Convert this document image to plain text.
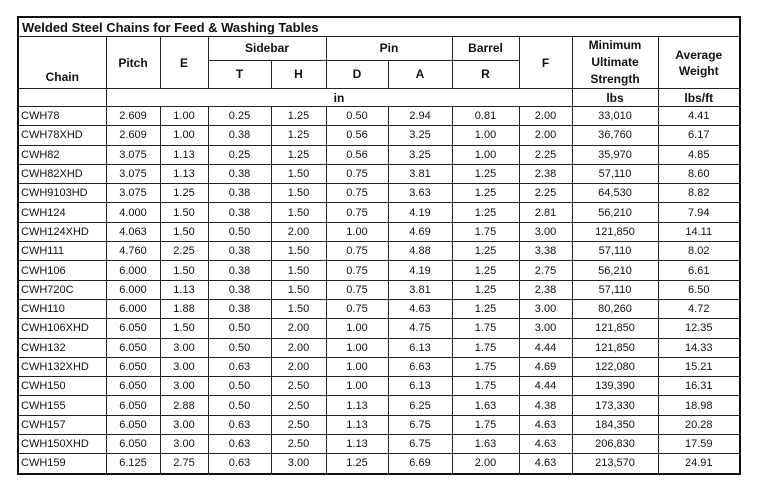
Welded Steel Chains for Feed & Washing Tables										
Chain	Pitch	E	Sidebar		Pin		Barrel	F	Minimum Ultimate Strength	Average Weight
			T	H	D	A	R			
	in								lbs	lbs/ft
CWH78	2.609	1.00	0.25	1.25	0.50	2.94	0.81	2.00	33,010	4.41
CWH78XHD	2.609	1.00	0.38	1.25	0.56	3.25	1.00	2.00	36,760	6.17
CWH82	3.075	1.13	0.25	1.25	0.56	3.25	1.00	2.25	35,970	4.85
CWH82XHD	3.075	1.13	0.38	1.50	0.75	3.81	1.25	2.38	57,110	8.60
CWH9103HD	3.075	1.25	0.38	1.50	0.75	3.63	1.25	2.25	64,530	8.82
CWH124	4.000	1.50	0.38	1.50	0.75	4.19	1.25	2.81	56,210	7.94
CWH124XHD	4.063	1.50	0.50	2.00	1.00	4.69	1.75	3.00	121,850	14.11
CWH111	4.760	2.25	0.38	1.50	0.75	4.88	1.25	3.38	57,110	8.02
CWH106	6.000	1.50	0.38	1.50	0.75	4.19	1.25	2.75	56,210	6.61
CWH720C	6.000	1.13	0.38	1.50	0.75	3.81	1.25	2.38	57,110	6.50
CWH110	6.000	1.88	0.38	1.50	0.75	4.63	1.25	3.00	80,260	4.72
CWH106XHD	6.050	1.50	0.50	2.00	1.00	4.75	1.75	3.00	121,850	12.35
CWH132	6.050	3.00	0.50	2.00	1.00	6.13	1.75	4.44	121,850	14.33
CWH132XHD	6.050	3.00	0.63	2.00	1.00	6.63	1.75	4.69	122,080	15.21
CWH150	6.050	3.00	0.50	2.50	1.00	6.13	1.75	4.44	139,390	16.31
CWH155	6.050	2.88	0.50	2.50	1.13	6.25	1.63	4.38	173,330	18.98
CWH157	6.050	3.00	0.63	2.50	1.13	6.75	1.75	4.63	184,350	20.28
CWH150XHD	6.050	3.00	0.63	2.50	1.13	6.75	1.63	4.63	206,830	17.59
CWH159	6.125	2.75	0.63	3.00	1.25	6.69	2.00	4.63	213,570	24.91
